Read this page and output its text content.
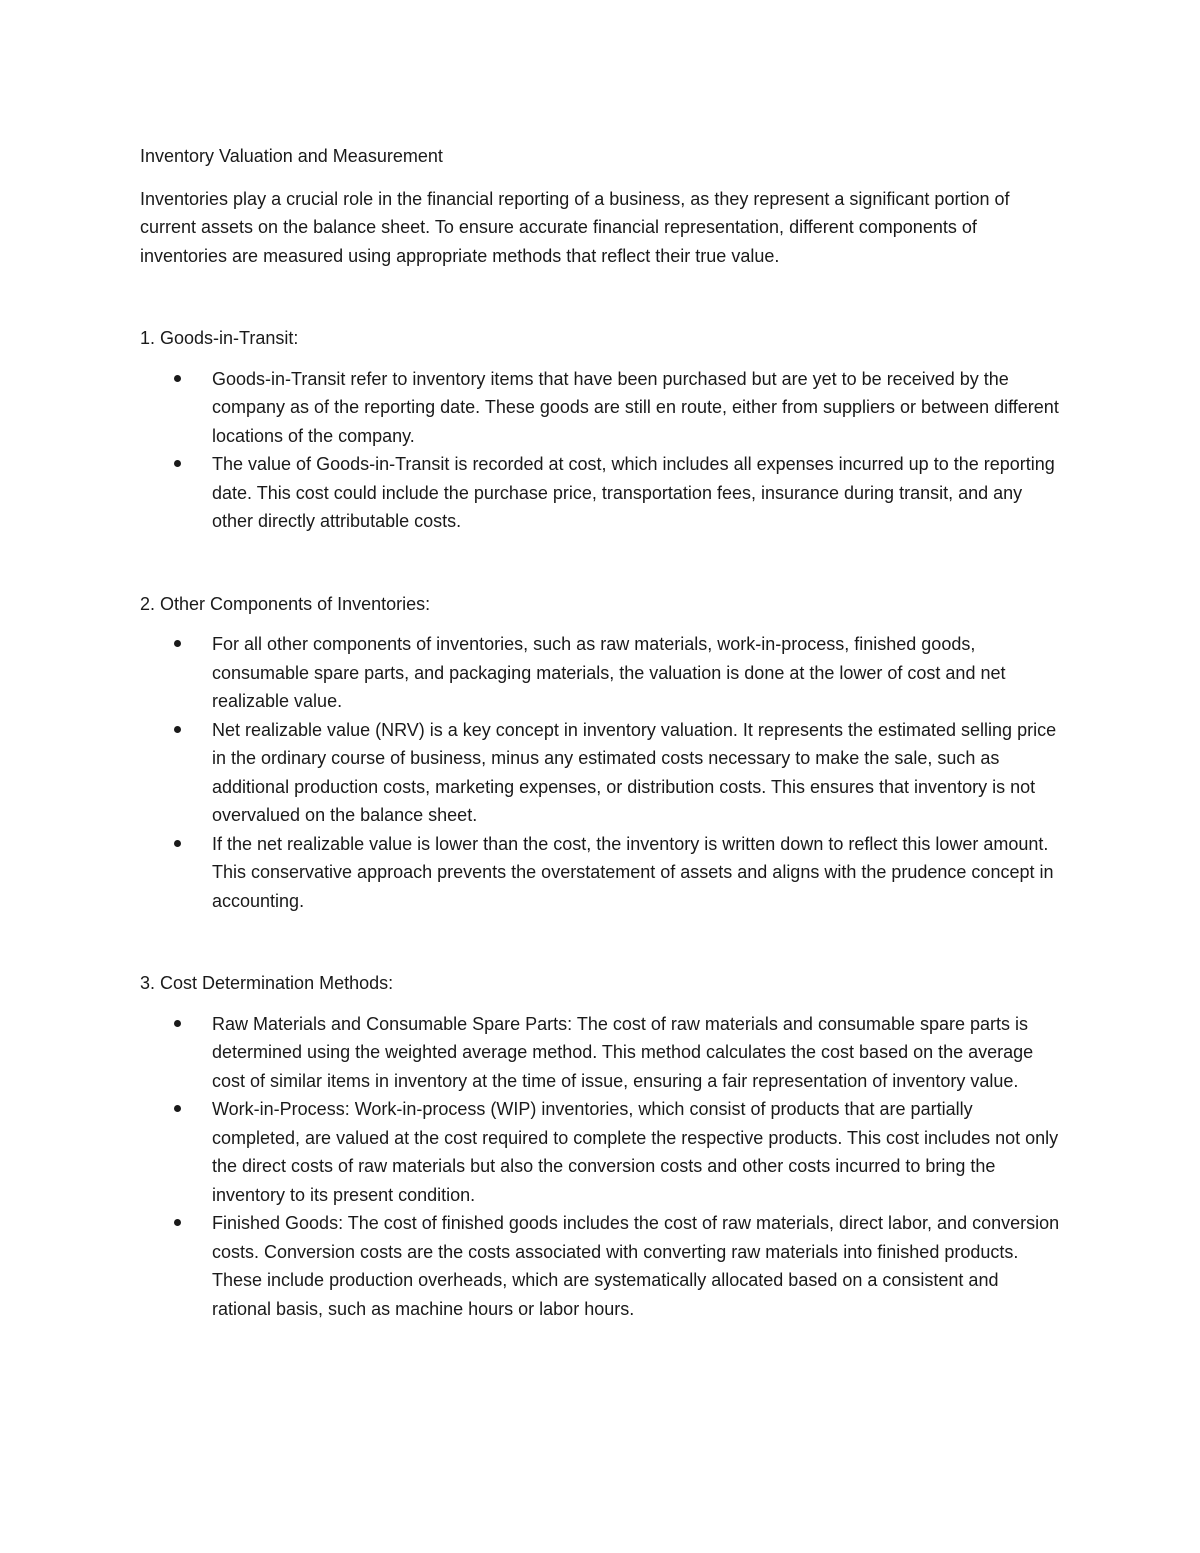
Inventory Valuation and Measurement

Inventories play a crucial role in the financial reporting of a business, as they represent a significant portion of current assets on the balance sheet. To ensure accurate financial representation, different components of inventories are measured using appropriate methods that reflect their true value.

1. Goods-in-Transit:
Goods-in-Transit refer to inventory items that have been purchased but are yet to be received by the company as of the reporting date. These goods are still en route, either from suppliers or between different locations of the company.
The value of Goods-in-Transit is recorded at cost, which includes all expenses incurred up to the reporting date. This cost could include the purchase price, transportation fees, insurance during transit, and any other directly attributable costs.
2. Other Components of Inventories:
For all other components of inventories, such as raw materials, work-in-process, finished goods, consumable spare parts, and packaging materials, the valuation is done at the lower of cost and net realizable value.
Net realizable value (NRV) is a key concept in inventory valuation. It represents the estimated selling price in the ordinary course of business, minus any estimated costs necessary to make the sale, such as additional production costs, marketing expenses, or distribution costs. This ensures that inventory is not overvalued on the balance sheet.
If the net realizable value is lower than the cost, the inventory is written down to reflect this lower amount. This conservative approach prevents the overstatement of assets and aligns with the prudence concept in accounting.
3. Cost Determination Methods:
Raw Materials and Consumable Spare Parts: The cost of raw materials and consumable spare parts is determined using the weighted average method. This method calculates the cost based on the average cost of similar items in inventory at the time of issue, ensuring a fair representation of inventory value.
Work-in-Process: Work-in-process (WIP) inventories, which consist of products that are partially completed, are valued at the cost required to complete the respective products. This cost includes not only the direct costs of raw materials but also the conversion costs and other costs incurred to bring the inventory to its present condition.
Finished Goods: The cost of finished goods includes the cost of raw materials, direct labor, and conversion costs. Conversion costs are the costs associated with converting raw materials into finished products. These include production overheads, which are systematically allocated based on a consistent and rational basis, such as machine hours or labor hours.
